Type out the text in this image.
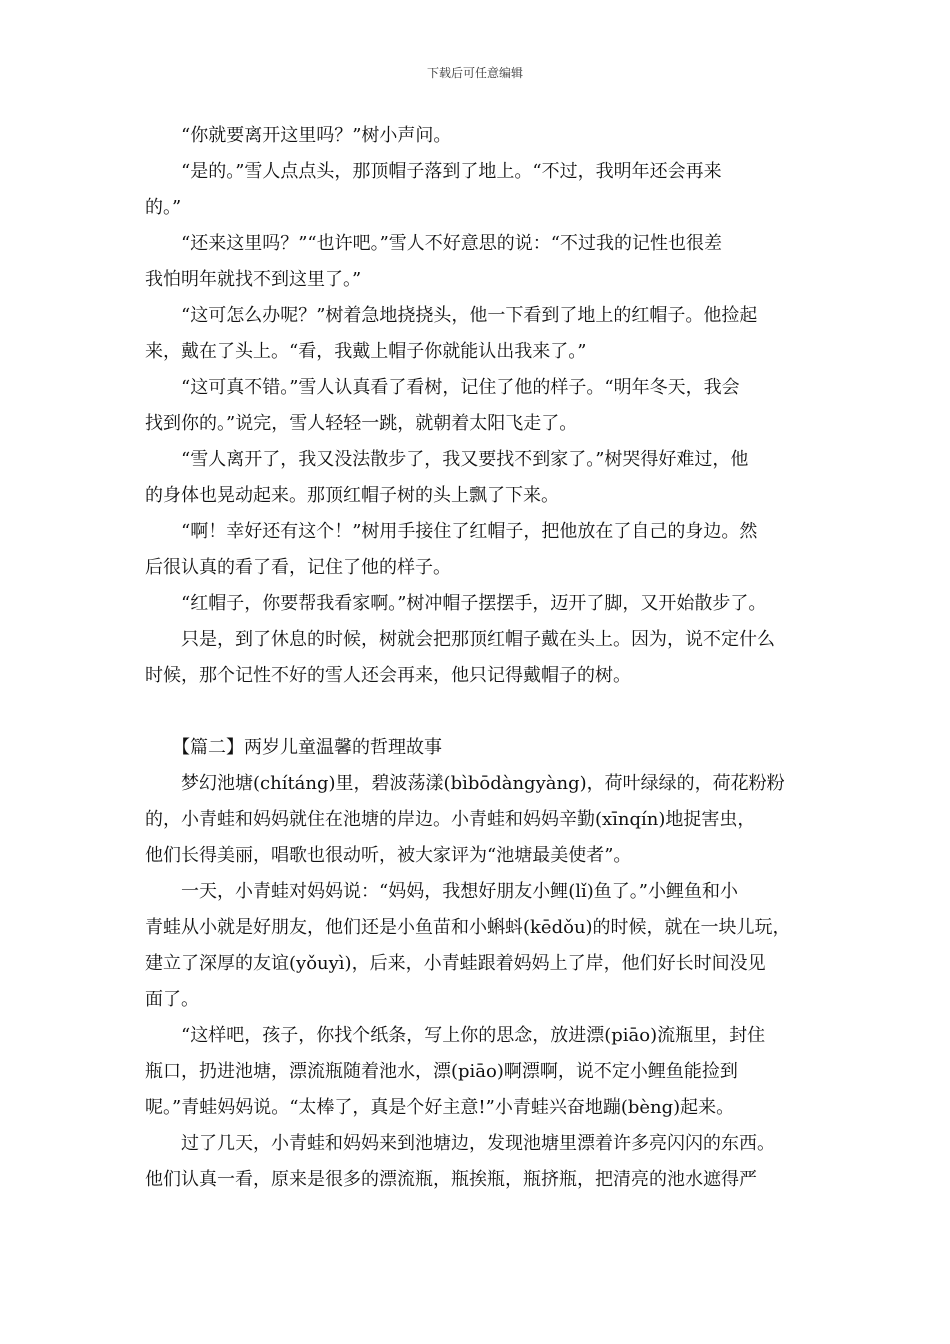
下载后可任意编辑
　　“你就要离开这里吗？”树小声问。
　　“是的。”雪人点点头，那顶帽子落到了地上。“不过，我明年还会再来
的。”
　　“还来这里吗？”“也许吧。”雪人不好意思的说：“不过我的记性也很差
我怕明年就找不到这里了。”
　　“这可怎么办呢？”树着急地挠挠头，他一下看到了地上的红帽子。他捡起
来，戴在了头上。“看，我戴上帽子你就能认出我来了。”
　　“这可真不错。”雪人认真看了看树，记住了他的样子。“明年冬天，我会
找到你的。”说完，雪人轻轻一跳，就朝着太阳飞走了。
　　“雪人离开了，我又没法散步了，我又要找不到家了。”树哭得好难过，他
的身体也晃动起来。那顶红帽子树的头上飘了下来。
　　“啊！幸好还有这个！”树用手接住了红帽子，把他放在了自己的身边。然
后很认真的看了看，记住了他的样子。
　　“红帽子，你要帮我看家啊。”树冲帽子摆摆手，迈开了脚，又开始散步了。
　　只是，到了休息的时候，树就会把那顶红帽子戴在头上。因为，说不定什么
时候，那个记性不好的雪人还会再来，他只记得戴帽子的树。
　　【篇二】两岁儿童温馨的哲理故事
　　梦幻池塘(chítáng)里，碧波荡漾(bìbōdàngyàng)，荷叶绿绿的，荷花粉粉
的，小青蛙和妈妈就住在池塘的岸边。小青蛙和妈妈辛勤(xīnqín)地捉害虫，
他们长得美丽，唱歌也很动听，被大家评为“池塘最美使者”。
　　一天，小青蛙对妈妈说：“妈妈，我想好朋友小鲤(lǐ)鱼了。”小鲤鱼和小
青蛙从小就是好朋友，他们还是小鱼苗和小蝌蚪(kēdǒu)的时候，就在一块儿玩，
建立了深厚的友谊(yǒuyì)，后来，小青蛙跟着妈妈上了岸，他们好长时间没见
面了。
　　“这样吧，孩子，你找个纸条，写上你的思念，放进漂(piāo)流瓶里，封住
瓶口，扔进池塘，漂流瓶随着池水，漂(piāo)啊漂啊，说不定小鲤鱼能捡到
呢。”青蛙妈妈说。“太棒了，真是个好主意!”小青蛙兴奋地蹦(bèng)起来。
　　过了几天，小青蛙和妈妈来到池塘边，发现池塘里漂着许多亮闪闪的东西。
他们认真一看，原来是很多的漂流瓶，瓶挨瓶，瓶挤瓶，把清亮的池水遮得严
